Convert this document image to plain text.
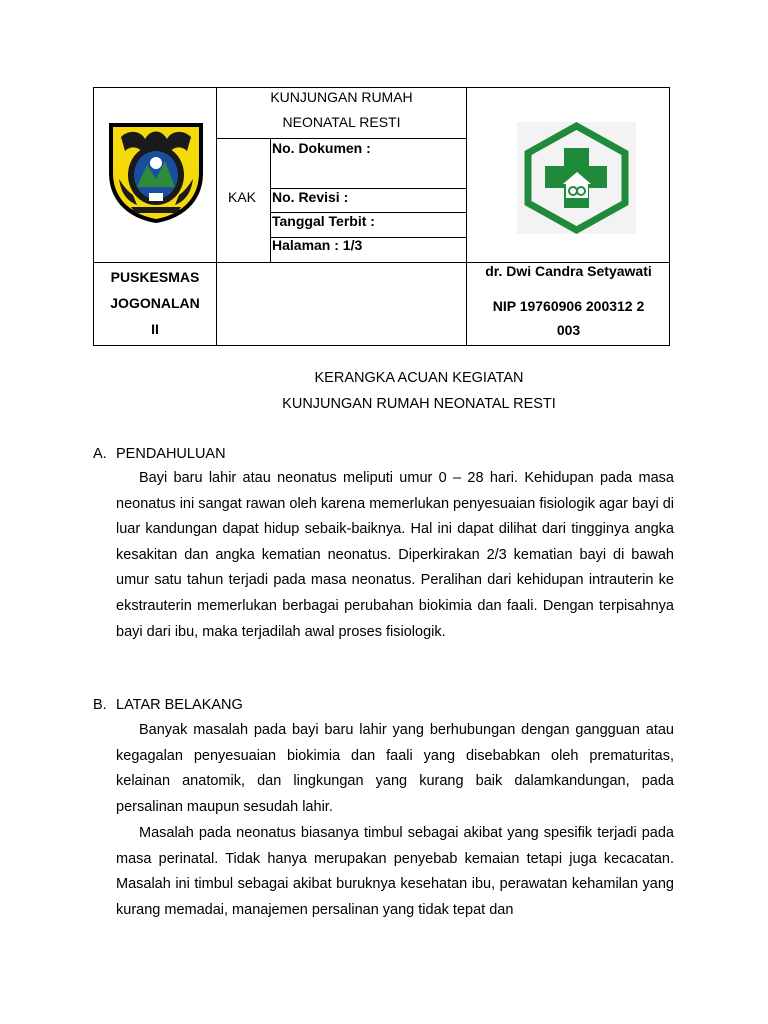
KUNJUNGAN RUMAH
NEONATAL RESTI
KAK
No. Dokumen :
No. Revisi :
Tanggal Terbit :
Halaman : 1/3
PUSKESMAS
JOGONALAN
II
dr. Dwi Candra Setyawati
NIP 19760906 200312 2
003
KERANGKA ACUAN KEGIATAN
KUNJUNGAN RUMAH NEONATAL RESTI
A. PENDAHULUAN

Bayi baru lahir atau neonatus meliputi umur 0 – 28 hari. Kehidupan pada masa neonatus ini sangat rawan oleh karena memerlukan penyesuaian fisiologik agar bayi di luar kandungan dapat hidup sebaik-baiknya. Hal ini dapat dilihat dari tingginya angka kesakitan dan angka kematian neonatus. Diperkirakan 2/3 kematian bayi di bawah umur satu tahun terjadi pada masa neonatus. Peralihan dari kehidupan intrauterin ke ekstrauterin memerlukan berbagai perubahan biokimia dan faali. Dengan terpisahnya bayi dari ibu, maka terjadilah awal proses fisiologik.

B. LATAR BELAKANG

Banyak masalah pada bayi baru lahir yang berhubungan dengan gangguan atau kegagalan penyesuaian biokimia dan faali yang disebabkan oleh prematuritas, kelainan anatomik, dan lingkungan yang kurang baik dalamkandungan, pada persalinan maupun sesudah lahir.

Masalah pada neonatus biasanya timbul sebagai akibat yang spesifik terjadi pada masa perinatal. Tidak hanya merupakan penyebab kemaian tetapi juga kecacatan. Masalah ini timbul sebagai akibat buruknya kesehatan ibu, perawatan kehamilan yang kurang memadai, manajemen persalinan yang tidak tepat dan
